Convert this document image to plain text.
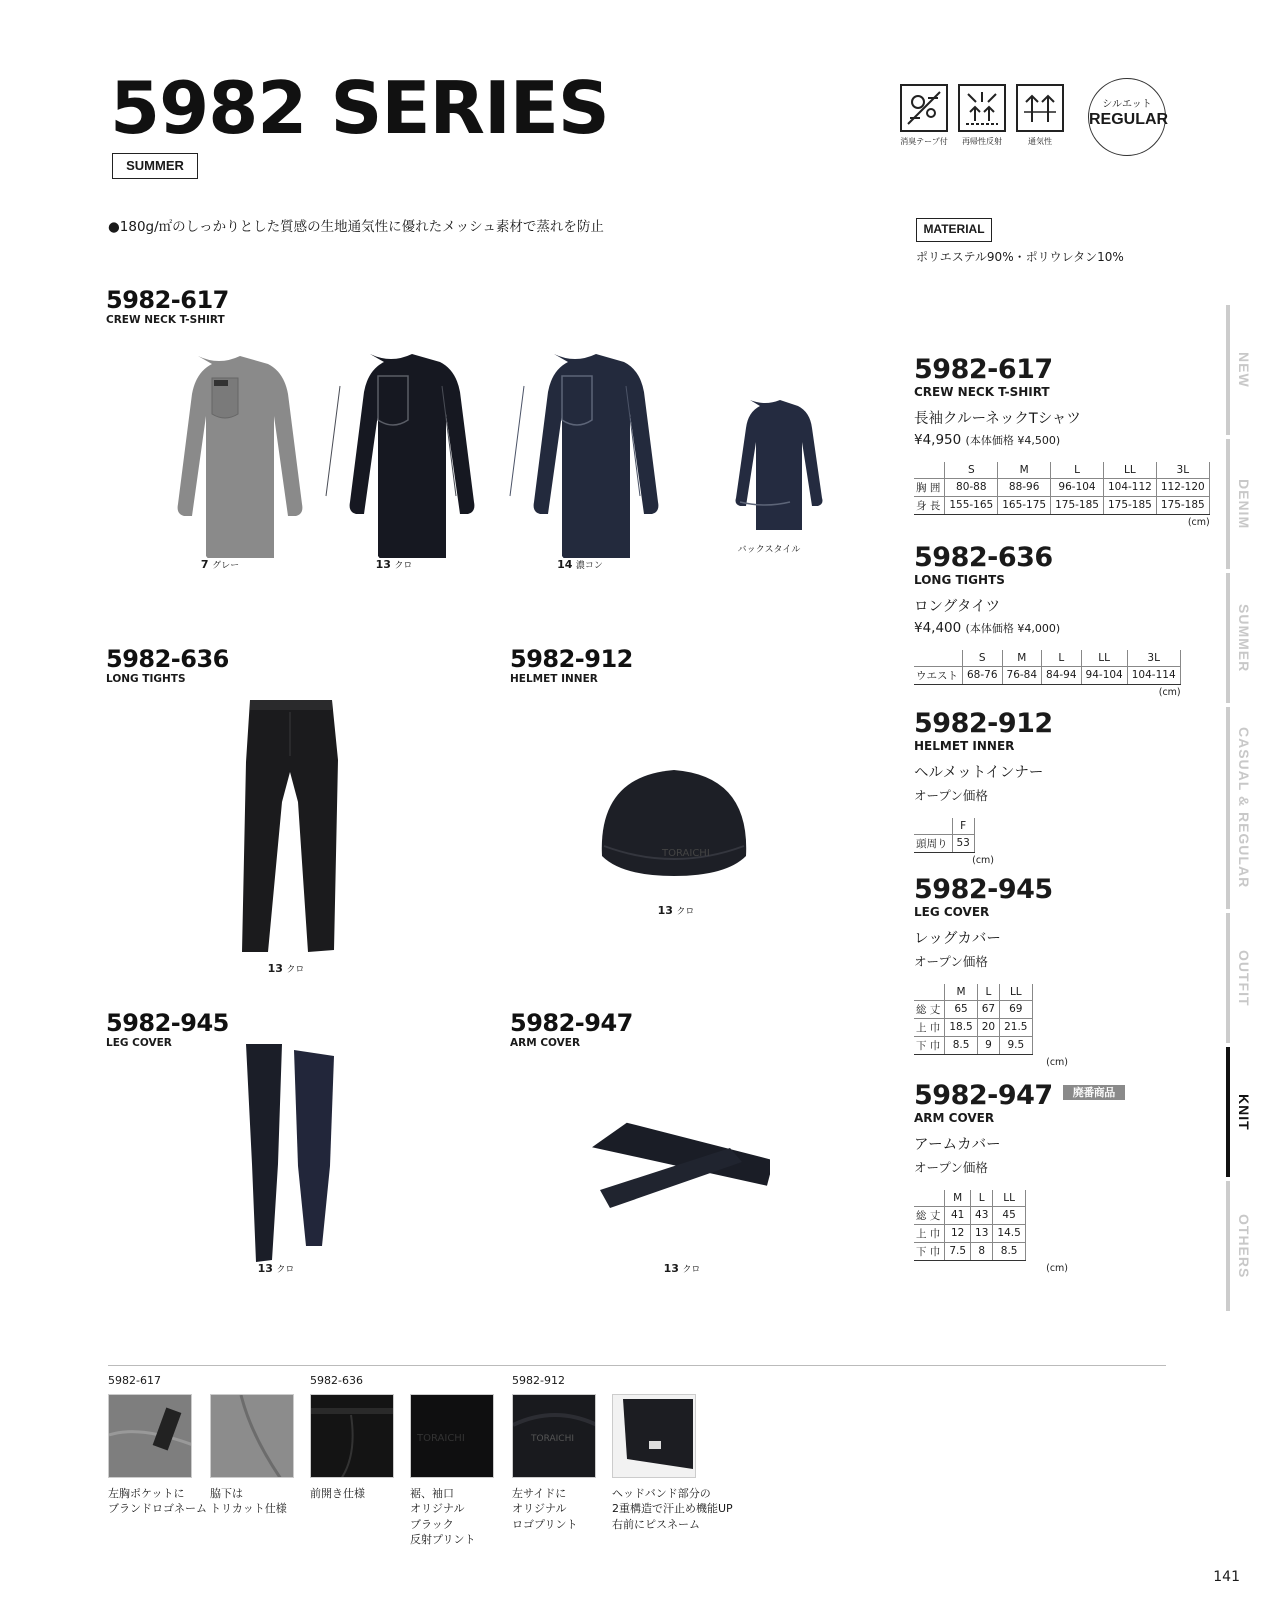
5982 SERIES
SUMMER
●180g/㎡のしっかりとした質感の生地通気性に優れたメッシュ素材で蒸れを防止
消臭テープ付	再帰性反射	通気性
シルエット
REGULAR
MATERIAL
ポリエステル90%・ポリウレタン10%
5982-617
CREW NECK T-SHIRT
7 グレー	13 クロ	14 濃コン
バックスタイル
5982-636
LONG TIGHTS
13 クロ
5982-912
HELMET INNER
TORAICHI
13 クロ
5982-945
LEG COVER
13 クロ
5982-947
ARM COVER
13 クロ
5982-617
CREW NECK T-SHIRT
長袖クルーネックTシャツ
¥4,950 (本体価格 ¥4,500)
	S	M	L	LL	3L
胸 囲	80-88	88-96	96-104	104-112	112-120
身 長	155-165	165-175	175-185	175-185	175-185
(cm)
5982-636
LONG TIGHTS
ロングタイツ
¥4,400 (本体価格 ¥4,000)
	S	M	L	LL	3L
ウエスト	68-76	76-84	84-94	94-104	104-114
(cm)
5982-912
HELMET INNER
ヘルメットインナー
オープン価格
	F
頭周り	53
(cm)
5982-945
LEG COVER
レッグカバー
オープン価格
	M	L	LL
総 丈	65	67	69
上 巾	18.5	20	21.5
下 巾	8.5	9	9.5
(cm)
5982-947 廃番商品
ARM COVER
アームカバー
オープン価格
	M	L	LL
総 丈	41	43	45
上 巾	12	13	14.5
下 巾	7.5	8	8.5
(cm)
NEW
DENIM
SUMMER
CASUAL & REGULAR
OUTFIT
KNIT
OTHERS
5982-617	5982-636	5982-912
左胸ポケットに
ブランドロゴネーム
脇下は
トリカット仕様
前開き仕様
TORAICHI
裾、袖口
オリジナル
ブラック
反射プリント
TORAICHI
左サイドに
オリジナル
ロゴプリント
ヘッドバンド部分の
2重構造で汗止め機能UP
右前にピスネーム
141
